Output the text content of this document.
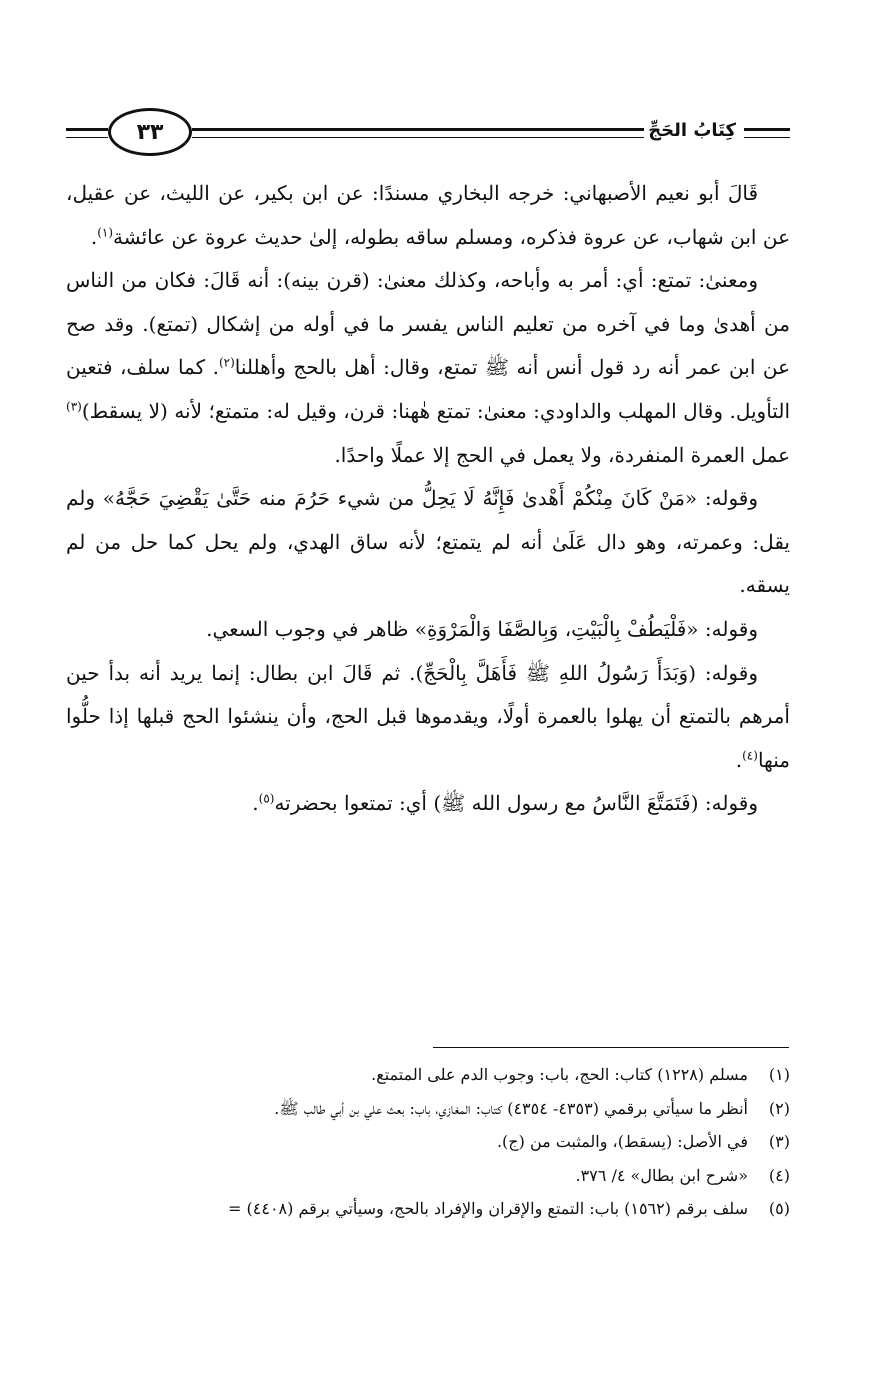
كِتَابُ الحَجِّ
٣٣

قَالَ أبو نعيم الأصبهاني: خرجه البخاري مسندًا: عن ابن بكير، عن الليث، عن عقيل، عن ابن شهاب، عن عروة فذكره، ومسلم ساقه بطوله، إلىٰ حديث عروة عن عائشة$^{(١)}$.

ومعنىٰ: تمتع: أي: أمر به وأباحه، وكذلك معنىٰ: (قرن بينه): أنه قَالَ: فكان من الناس من أهدىٰ وما في آخره من تعليم الناس يفسر ما في أوله من إشكال (تمتع). وقد صح عن ابن عمر أنه رد قول أنس أنه ﷺ تمتع، وقال: أهل بالحج وأهللنا$^{(٢)}$. كما سلف، فتعين التأويل. وقال المهلب والداودي: معنىٰ: تمتع هٰهنا: قرن، وقيل له: متمتع؛ لأنه (لا يسقط)$^{(٣)}$ عمل العمرة المنفردة، ولا يعمل في الحج إلا عملًا واحدًا.

وقوله: «مَنْ كَانَ مِنْكُمْ أَهْدىٰ فَإِنَّهُ لَا يَحِلُّ من شيء حَرُمَ منه حَتَّىٰ يَقْضِيَ حَجَّهُ» ولم يقل: وعمرته، وهو دال عَلَىٰ أنه لم يتمتع؛ لأنه ساق الهدي، ولم يحل كما حل من لم يسقه.

وقوله: «فَلْيَطُفْ بِالْبَيْتِ، وَبِالصَّفَا وَالْمَرْوَةِ» ظاهر في وجوب السعي.

وقوله: (وَبَدَأَ رَسُولُ اللهِ ﷺ فَأَهَلَّ بِالْحَجِّ). ثم قَالَ ابن بطال: إنما يريد أنه بدأ حين أمرهم بالتمتع أن يهلوا بالعمرة أولًا، ويقدموها قبل الحج، وأن ينشئوا الحج قبلها إذا حلُّوا منها$^{(٤)}$.

وقوله: (فَتَمَتَّعَ النَّاسُ مع رسول الله ﷺ) أي: تمتعوا بحضرته$^{(٥)}$.

(١)
مسلم (١٢٢٨) كتاب: الحج، باب: وجوب الدم على المتمتع.
(٢)
أنظر ما سيأتي برقمي (٤٣٥٣- ٤٣٥٤) كتاب: المغازي، باب: بعث علي بن أبي طالب ﷺ.
(٣)
في الأصل: (يسقط)، والمثبت من (ج).
(٤)
«شرح ابن بطال» ٤/ ٣٧٦.
(٥)
سلف برقم (١٥٦٢) باب: التمتع والإقران والإفراد بالحج، وسيأتي برقم (٤٤٠٨) =
